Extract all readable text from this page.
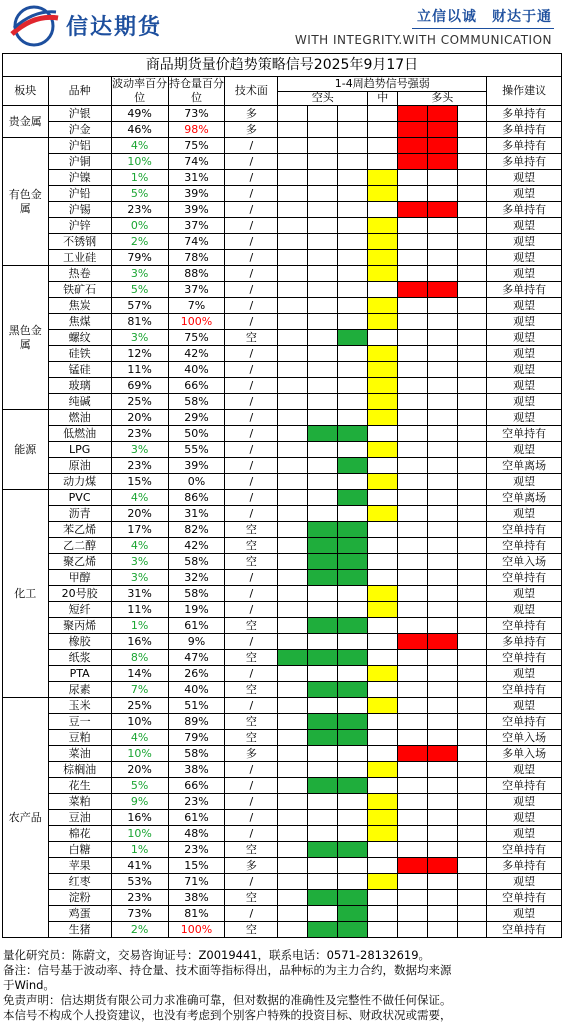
信达期货	立信以诚　财达于通
WITH INTEGRITY.WITH COMMUNICATION
商品期货量价趋势策略信号2025年9月17日												
板块	品种	波动率百分位	持仓量百分位	技术面	1-4周趋势信号强弱							操作建议
					空头			中	多头			
贵金属	沪银	49%	73%	多								多单持有
	沪金	46%	98%	多								多单持有
有色金属	沪铝	4%	75%	/								多单持有
	沪铜	10%	74%	/								多单持有
	沪镍	1%	31%	/								观望
	沪铅	5%	39%	/								观望
	沪锡	23%	39%	/								多单持有
	沪锌	0%	37%	/								观望
	不锈钢	2%	74%	/								观望
	工业硅	79%	78%	/								观望
黑色金属	热卷	3%	88%	/								观望
	铁矿石	5%	37%	/								多单持有
	焦炭	57%	7%	/								观望
	焦煤	81%	100%	/								观望
	螺纹	3%	75%	空								观望
	硅铁	12%	42%	/								观望
	锰硅	11%	40%	/								观望
	玻璃	69%	66%	/								观望
	纯碱	25%	58%	/								观望
能源	燃油	20%	29%	/								观望
	低燃油	23%	50%	/								空单持有
	LPG	3%	55%	/								观望
	原油	23%	39%	/								空单离场
	动力煤	15%	0%	/								观望
化工	PVC	4%	86%	/								空单离场
	沥青	20%	31%	/								观望
	苯乙烯	17%	82%	空								空单持有
	乙二醇	4%	42%	空								空单持有
	聚乙烯	3%	58%	空								空单入场
	甲醇	3%	32%	/								空单持有
	20号胶	31%	58%	/								观望
	短纤	11%	19%	/								观望
	聚丙烯	1%	61%	空								空单持有
	橡胶	16%	9%	/								多单持有
	纸浆	8%	47%	空								空单持有
	PTA	14%	26%	/								观望
	尿素	7%	40%	空								空单持有
农产品	玉米	25%	51%	/								观望
	豆一	10%	89%	空								空单持有
	豆粕	4%	79%	空								空单入场
	菜油	10%	58%	多								多单入场
	棕榈油	20%	38%	/								观望
	花生	5%	66%	/								空单持有
	菜粕	9%	23%	/								观望
	豆油	16%	61%	/								观望
	棉花	10%	48%	/								观望
	白糖	1%	23%	空								空单持有
	苹果	41%	15%	多								多单持有
	红枣	53%	71%	/								观望
	淀粉	23%	38%	空								空单持有
	鸡蛋	73%	81%	/								观望
	生猪	2%	100%	空								空单持有
量化研究员：陈蔚文，交易咨询证号：Z0019441，联系电话：0571-28132619。
备注：信号基于波动率、持仓量、技术面等指标得出，品种标的为主力合约，数据均来源
于Wind。
免责声明：信达期货有限公司力求准确可靠，但对数据的准确性及完整性不做任何保证。
本信号不构成个人投资建议，也没有考虑到个别客户特殊的投资目标、财政状况或需要，
